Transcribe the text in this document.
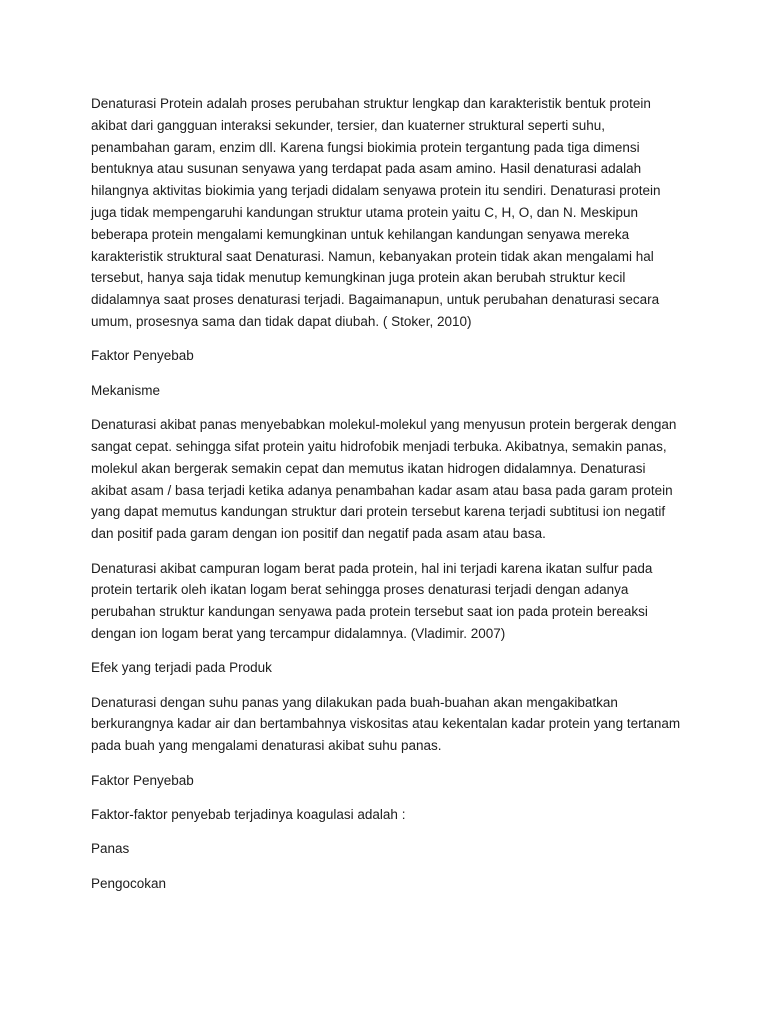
Denaturasi Protein adalah proses perubahan struktur lengkap dan karakteristik bentuk protein akibat dari gangguan interaksi sekunder, tersier, dan kuaterner struktural seperti suhu, penambahan garam, enzim dll. Karena fungsi biokimia protein tergantung pada tiga dimensi bentuknya atau susunan senyawa yang terdapat pada asam amino. Hasil denaturasi adalah hilangnya aktivitas biokimia yang terjadi didalam senyawa protein itu sendiri. Denaturasi protein juga tidak mempengaruhi kandungan struktur utama protein yaitu C, H, O, dan N. Meskipun beberapa protein mengalami kemungkinan untuk kehilangan kandungan senyawa mereka karakteristik struktural saat Denaturasi. Namun, kebanyakan protein tidak akan mengalami hal tersebut, hanya saja tidak menutup kemungkinan juga protein akan berubah struktur kecil didalamnya saat proses denaturasi terjadi. Bagaimanapun, untuk perubahan denaturasi secara umum, prosesnya sama dan tidak dapat diubah. ( Stoker, 2010)

Faktor Penyebab

Mekanisme

Denaturasi akibat panas menyebabkan molekul-molekul yang menyusun protein bergerak dengan sangat cepat. sehingga sifat protein yaitu hidrofobik menjadi terbuka. Akibatnya, semakin panas, molekul akan bergerak semakin cepat dan memutus ikatan hidrogen didalamnya. Denaturasi akibat asam / basa terjadi ketika adanya penambahan kadar asam atau basa pada garam protein yang dapat memutus kandungan struktur dari protein tersebut karena terjadi subtitusi ion negatif dan positif pada garam dengan ion positif dan negatif pada asam atau basa.

Denaturasi akibat campuran logam berat pada protein, hal ini terjadi karena ikatan sulfur pada protein tertarik oleh ikatan logam berat sehingga proses denaturasi terjadi dengan adanya perubahan struktur kandungan senyawa pada protein tersebut saat ion pada protein bereaksi dengan ion logam berat yang tercampur didalamnya. (Vladimir. 2007)

Efek yang terjadi pada Produk

Denaturasi dengan suhu panas yang dilakukan pada buah-buahan akan mengakibatkan berkurangnya kadar air dan bertambahnya viskositas atau kekentalan kadar protein yang tertanam pada buah yang mengalami denaturasi akibat suhu panas.

Faktor Penyebab

Faktor-faktor penyebab terjadinya koagulasi adalah :

Panas

Pengocokan
